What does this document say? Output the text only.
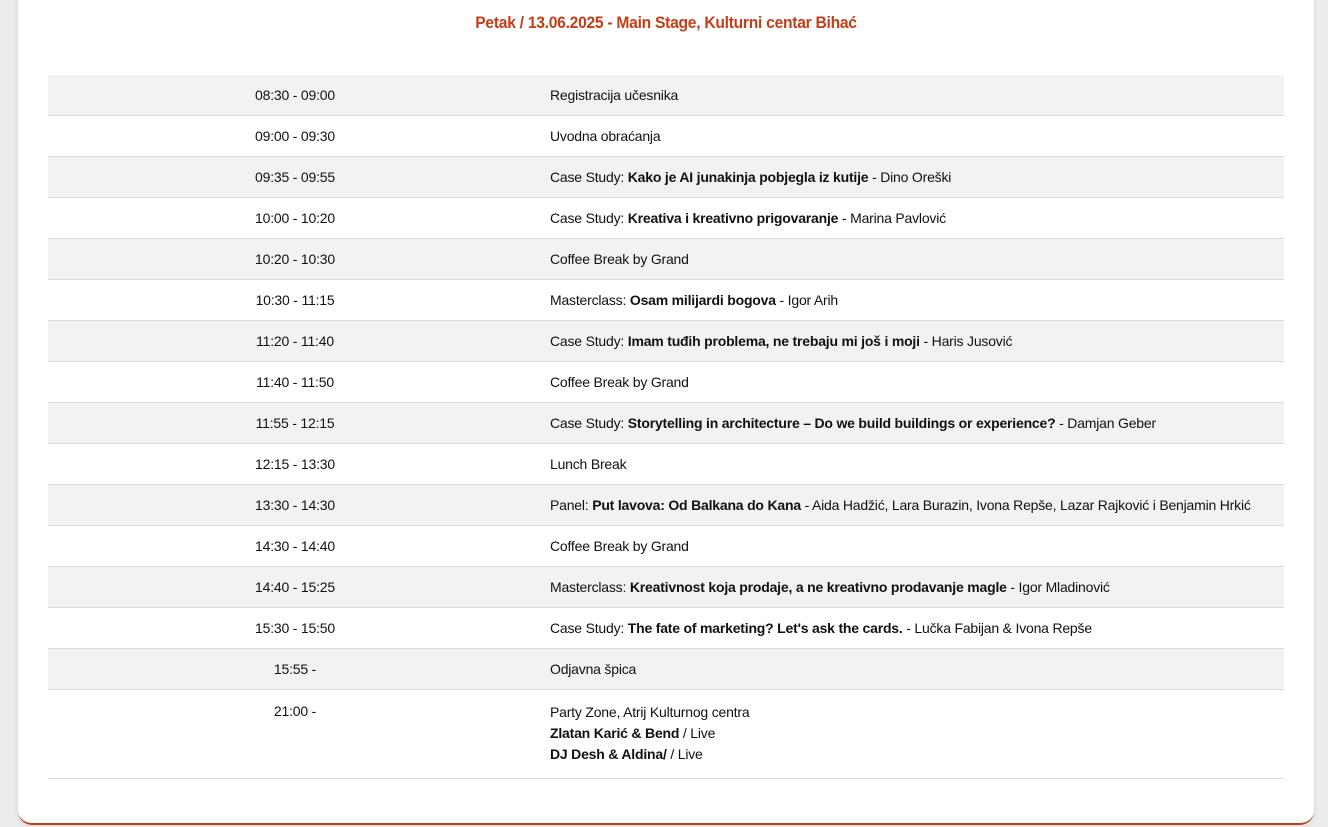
Petak / 13.06.2025 - Main Stage, Kulturni centar Bihać
08:30 - 09:00	Registracija učesnika
09:00 - 09:30	Uvodna obraćanja
09:35 - 09:55	Case Study: Kako je AI junakinja pobjegla iz kutije - Dino Oreški
10:00 - 10:20	Case Study: Kreativa i kreativno prigovaranje - Marina Pavlović
10:20 - 10:30	Coffee Break by Grand
10:30 - 11:15	Masterclass: Osam milijardi bogova - Igor Arih
11:20 - 11:40	Case Study: Imam tuđih problema, ne trebaju mi još i moji - Haris Jusović
11:40 - 11:50	Coffee Break by Grand
11:55 - 12:15	Case Study: Storytelling in architecture – Do we build buildings or experience? - Damjan Geber
12:15 - 13:30	Lunch Break
13:30 - 14:30	Panel: Put lavova: Od Balkana do Kana - Aida Hadžić, Lara Burazin, Ivona Repše, Lazar Rajković i Benjamin Hrkić
14:30 - 14:40	Coffee Break by Grand
14:40 - 15:25	Masterclass: Kreativnost koja prodaje, a ne kreativno prodavanje magle - Igor Mladinović
15:30 - 15:50	Case Study: The fate of marketing? Let's ask the cards. - Lučka Fabijan & Ivona Repše
15:55 -	Odjavna špica
21:00 -	Party Zone, Atrij Kulturnog centra
Zlatan Karić & Bend / Live
DJ Desh & Aldina/ / Live
